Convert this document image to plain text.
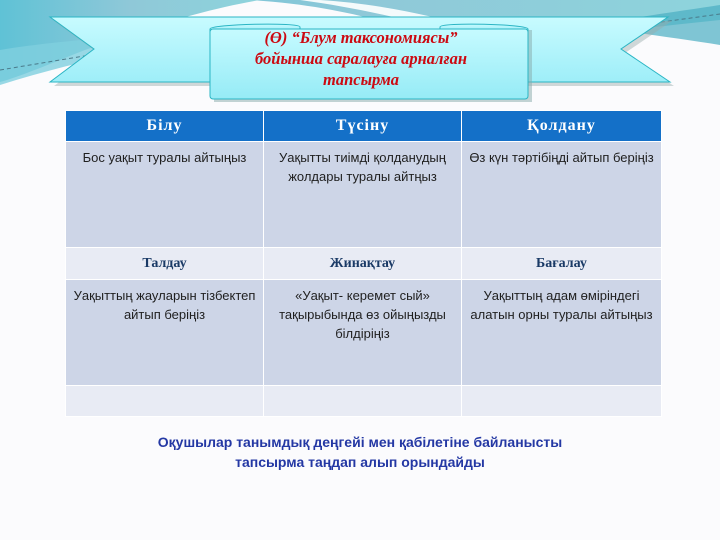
(Ө) “Блум таксономиясы”
бойынша саралауға арналған
тапсырма
Білу	Түсіну	Қолдану
Бос уақыт туралы айтыңыз	Уақытты тиімді қолданудың жолдары туралы айтңыз	Өз күн тәртібіңді айтып беріңіз
Талдау	Жинақтау	Бағалау
Уақыттың жауларын тізбектеп айтып беріңіз	«Уақыт- керемет сый» тақырыбында өз ойыңызды білдіріңіз	Уақыттың адам өміріндегі алатын орны туралы айтыңыз

Оқушылар танымдық деңгейі мен қабілетіне байланысты
тапсырма таңдап алып орындайды
